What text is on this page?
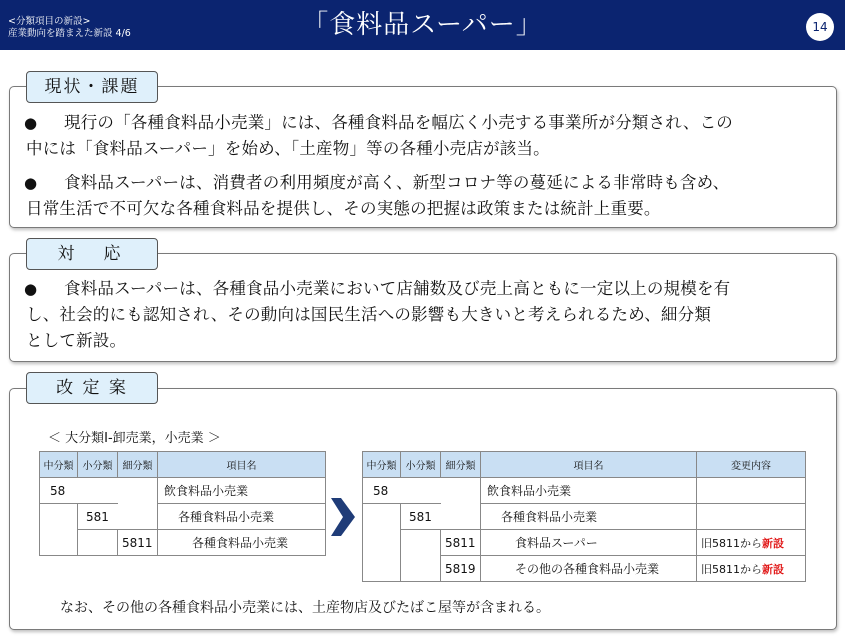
<分類項目の新設>
産業動向を踏まえた新設 4/6	「食料品スーパー」	14
現状・課題
● 現行の「各種食料品小売業」には、各種食料品を幅広く小売する事業所が分類され、この
中には「食料品スーパー」を始め、「土産物」等の各種小売店が該当。
● 食料品スーパーは、消費者の利用頻度が高く、新型コロナ等の蔓延による非常時も含め、
日常生活で不可欠な各種食料品を提供し、その実態の把握は政策または統計上重要。
対　応
● 食料品スーパーは、各種食品小売業において店舗数及び売上高ともに一定以上の規模を有
し、社会的にも認知され、その動向は国民生活への影響も大きいと考えられるため、細分類
として新設。
改 定 案
＜ 大分類I-卸売業，小売業 ＞
中分類	小分類	細分類	項目名
58			飲食料品小売業
	581		各種食料品小売業
		5811	各種食料品小売業
中分類	小分類	細分類	項目名	変更内容
58			飲食料品小売業	
	581		各種食料品小売業	
		5811	食料品スーパー	旧5811から新設
		5819	その他の各種食料品小売業	旧5811から新設
なお、その他の各種食料品小売業には、土産物店及びたばこ屋等が含まれる。
